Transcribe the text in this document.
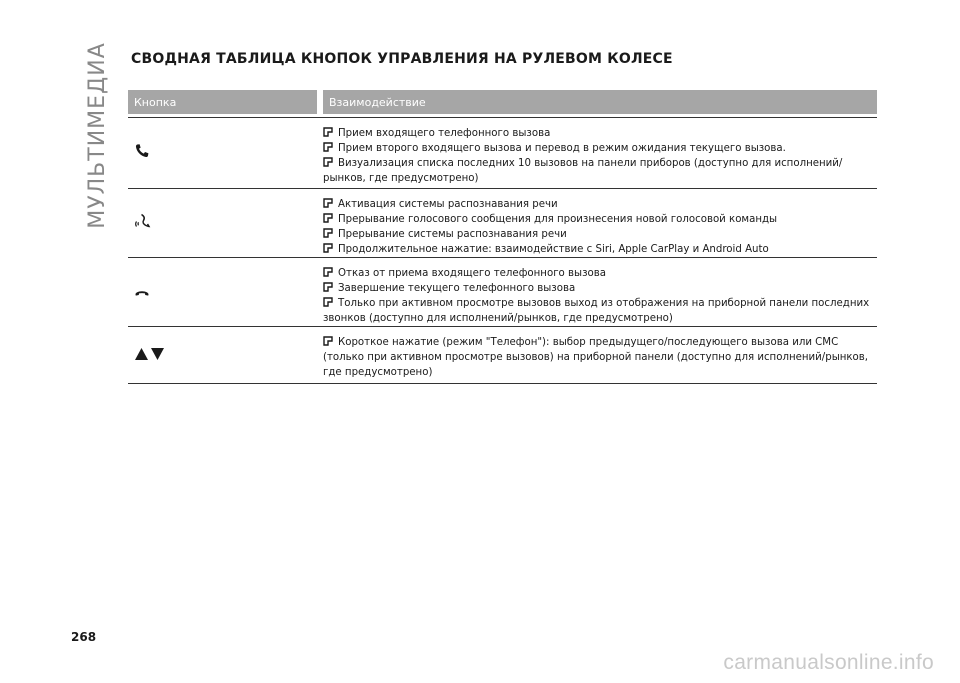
МУЛЬТИМЕДИА СВОДНАЯ ТАБЛИЦА КНОПОК УПРАВЛЕНИЯ НА РУЛЕВОМ КОЛЕСЕ
Кнопка	Взаимодействие
Прием входящего телефонного вызова
Прием второго входящего вызова и перевод в режим ожидания текущего вызова.
Визуализация списка последних 10 вызовов на панели приборов (доступно для исполнений/рынков, где предусмотрено)
Активация системы распознавания речи
Прерывание голосового сообщения для произнесения новой голосовой команды
Прерывание системы распознавания речи
Продолжительное нажатие: взаимодействие с Siri, Apple CarPlay и Android Auto
Отказ от приема входящего телефонного вызова
Завершение текущего телефонного вызова
Только при активном просмотре вызовов выход из отображения на приборной панели последних звонков (доступно для исполнений/рынков, где предусмотрено)
Короткое нажатие (режим "Телефон"): выбор предыдущего/последующего вызова или СМС (только при активном просмотре вызовов) на приборной панели (доступно для исполнений/рынков, где предусмотрено)
268
carmanualsonline.info
